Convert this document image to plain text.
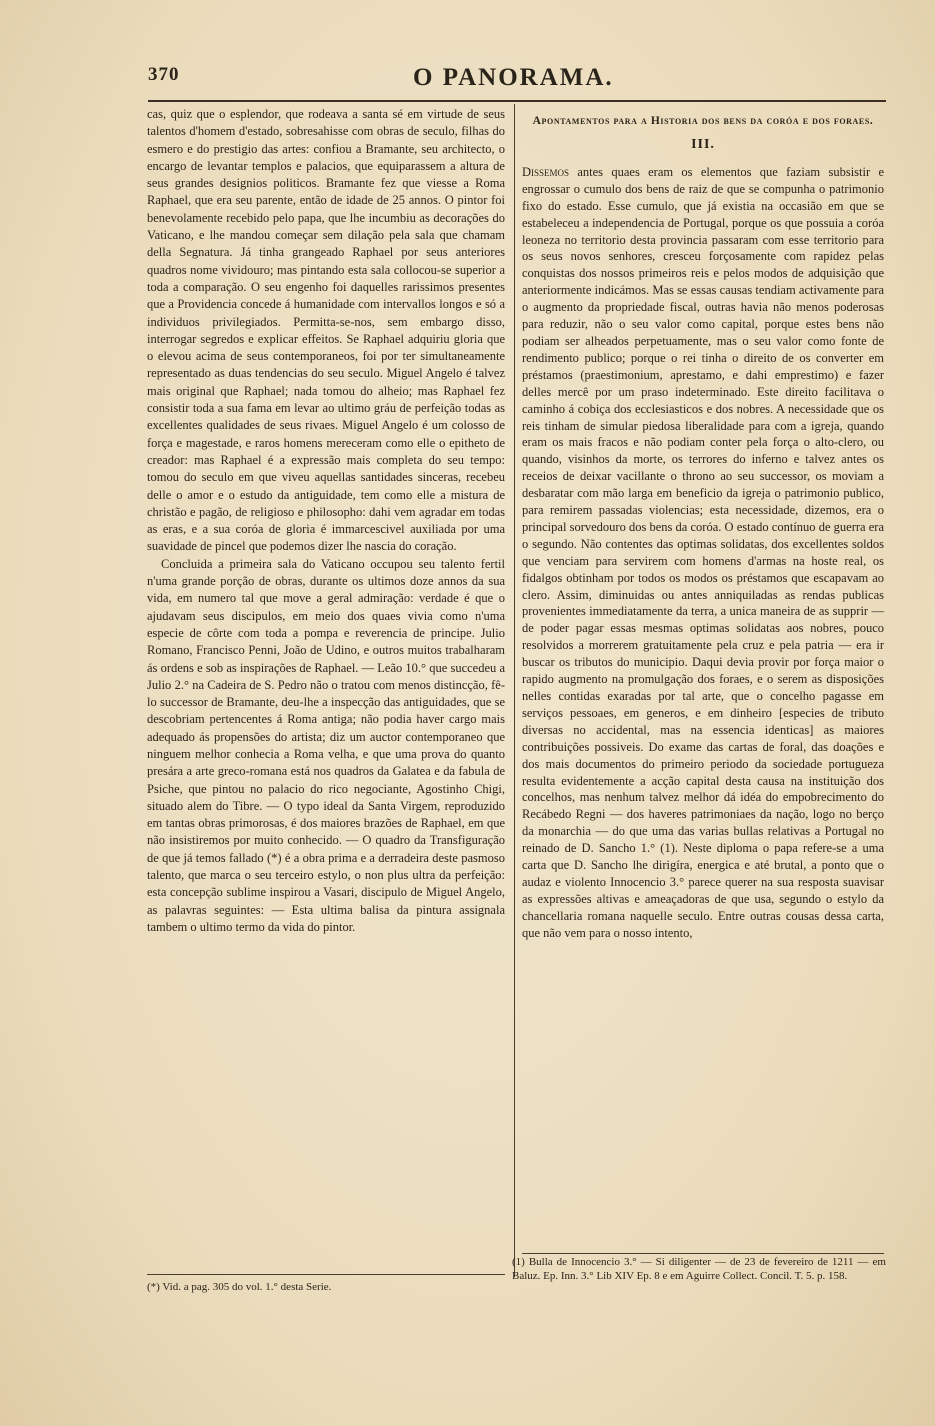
370	O PANORAMA.

cas, quiz que o esplendor, que rodeava a santa sé em virtude de seus talentos d'homem d'estado, sobresahisse com obras de seculo, filhas do esmero e do prestigio das artes: confiou a Bramante, seu architecto, o encargo de levantar templos e palacios, que equiparassem a altura de seus grandes designios politicos. Bramante fez que viesse a Roma Raphael, que era seu parente, então de idade de 25 annos. O pintor foi benevolamente recebido pelo papa, que lhe incumbiu as decorações do Vaticano, e lhe mandou começar sem dilação pela sala que chamam della Segnatura. Já tinha grangeado Raphael por seus anteriores quadros nome vividouro; mas pintando esta sala collocou-se superior a toda a comparação. O seu engenho foi daquelles rarissimos presentes que a Providencia concede á humanidade com intervallos longos e só a individuos privilegiados. Permitta-se-nos, sem embargo disso, interrogar segredos e explicar effeitos. Se Raphael adquiriu gloria que o elevou acima de seus contemporaneos, foi por ter simultaneamente representado as duas tendencias do seu seculo. Miguel Angelo é talvez mais original que Raphael; nada tomou do alheio; mas Raphael fez consistir toda a sua fama em levar ao ultimo gráu de perfeição todas as excellentes qualidades de seus rivaes. Miguel Angelo é um colosso de força e magestade, e raros homens mereceram como elle o epitheto de creador: mas Raphael é a expressão mais completa do seu tempo: tomou do seculo em que viveu aquellas santidades sinceras, recebeu delle o amor e o estudo da antiguidade, tem como elle a mistura de christão e pagão, de religioso e philosopho: dahi vem agradar em todas as eras, e a sua coróa de gloria é immarcescivel auxiliada por uma suavidade de pincel que podemos dizer lhe nascia do coração.

Concluida a primeira sala do Vaticano occupou seu talento fertil n'uma grande porção de obras, durante os ultimos doze annos da sua vida, em numero tal que move a geral admiração: verdade é que o ajudavam seus discipulos, em meio dos quaes vivia como n'uma especie de côrte com toda a pompa e reverencia de principe. Julio Romano, Francisco Penni, João de Udino, e outros muitos trabalharam ás ordens e sob as inspirações de Raphael. — Leão 10.° que succedeu a Julio 2.° na Cadeira de S. Pedro não o tratou com menos distincção, fê-lo successor de Bramante, deu-lhe a inspecção das antiguidades, que se descobriam pertencentes á Roma antiga; não podia haver cargo mais adequado ás propensões do artista; diz um auctor contemporaneo que ninguem melhor conhecia a Roma velha, e que uma prova do quanto presára a arte greco-romana está nos quadros da Galatea e da fabula de Psiche, que pintou no palacio do rico negociante, Agostinho Chigi, situado alem do Tibre. — O typo ideal da Santa Virgem, reproduzido em tantas obras primorosas, é dos maiores brazões de Raphael, em que não insistiremos por muito conhecido. — O quadro da Transfiguração de que já temos fallado (*) é a obra prima e a derradeira deste pasmoso talento, que marca o seu terceiro estylo, o non plus ultra da perfeição: esta concepção sublime inspirou a Vasari, discipulo de Miguel Angelo, as palavras seguintes: — Esta ultima balisa da pintura assignala tambem o ultimo termo da vida do pintor.

(*) Vid. a pag. 305 do vol. 1.° desta Serie.

Apontamentos para a Historia dos bens da coróa e dos foraes.

III.

Dissemos antes quaes eram os elementos que faziam subsistir e engrossar o cumulo dos bens de raiz de que se compunha o patrimonio fixo do estado. Esse cumulo, que já existia na occasião em que se estabeleceu a independencia de Portugal, porque os que possuia a coróa leoneza no territorio desta provincia passaram com esse territorio para os seus novos senhores, cresceu forçosamente com rapidez pelas conquistas dos nossos primeiros reis e pelos modos de adquisição que anteriormente indicámos. Mas se essas causas tendiam activamente para o augmento da propriedade fiscal, outras havia não menos poderosas para reduzir, não o seu valor como capital, porque estes bens não podiam ser alheados perpetuamente, mas o seu valor como fonte de rendimento publico; porque o rei tinha o direito de os converter em préstamos (praestimonium, aprestamo, e dahi emprestimo) e fazer delles mercê por um praso indeterminado. Este direito facilitava o caminho á cobiça dos ecclesiasticos e dos nobres. A necessidade que os reis tinham de simular piedosa liberalidade para com a igreja, quando eram os mais fracos e não podiam conter pela força o alto-clero, ou quando, visinhos da morte, os terrores do inferno e talvez antes os receios de deixar vacillante o throno ao seu successor, os moviam a desbaratar com mão larga em beneficio da igreja o patrimonio publico, para remirem passadas violencias; esta necessidade, dizemos, era o principal sorvedouro dos bens da coróa. O estado contínuo de guerra era o segundo. Não contentes das optimas solidatas, dos excellentes soldos que venciam para servirem com homens d'armas na hoste real, os fidalgos obtinham por todos os modos os préstamos que escapavam ao clero. Assim, diminuidas ou antes anniquiladas as rendas publicas provenientes immediatamente da terra, a unica maneira de as supprir — de poder pagar essas mesmas optimas solidatas aos nobres, pouco resolvidos a morrerem gratuitamente pela cruz e pela patria — era ir buscar os tributos do municipio. Daqui devia provir por força maior o rapido augmento na promulgação dos foraes, e o serem as disposições nelles contidas exaradas por tal arte, que o concelho pagasse em serviços pessoaes, em generos, e em dinheiro [especies de tributo diversas no accidental, mas na essencia identicas] as maiores contribuições possiveis. Do exame das cartas de foral, das doações e dos mais documentos do primeiro periodo da sociedade portugueza resulta evidentemente a acção capital desta causa na instituição dos concelhos, mas nenhum talvez melhor dá idéa do empobrecimento do Recábedo Regni — dos haveres patrimoniaes da nação, logo no berço da monarchia — do que uma das varias bullas relativas a Portugal no reinado de D. Sancho 1.° (1). Neste diploma o papa refere-se a uma carta que D. Sancho lhe dirigíra, energica e até brutal, a ponto que o audaz e violento Innocencio 3.° parece querer na sua resposta suavisar as expressões altivas e ameaçadoras de que usa, segundo o estylo da chancellaria romana naquelle seculo. Entre outras cousas dessa carta, que não vem para o nosso intento,

(1) Bulla de Innocencio 3.° — Si diligenter — de 23 de fevereiro de 1211 — em Baluz. Ep. Inn. 3.° Lib XIV Ep. 8 e em Aguirre Collect. Concil. T. 5. p. 158.
